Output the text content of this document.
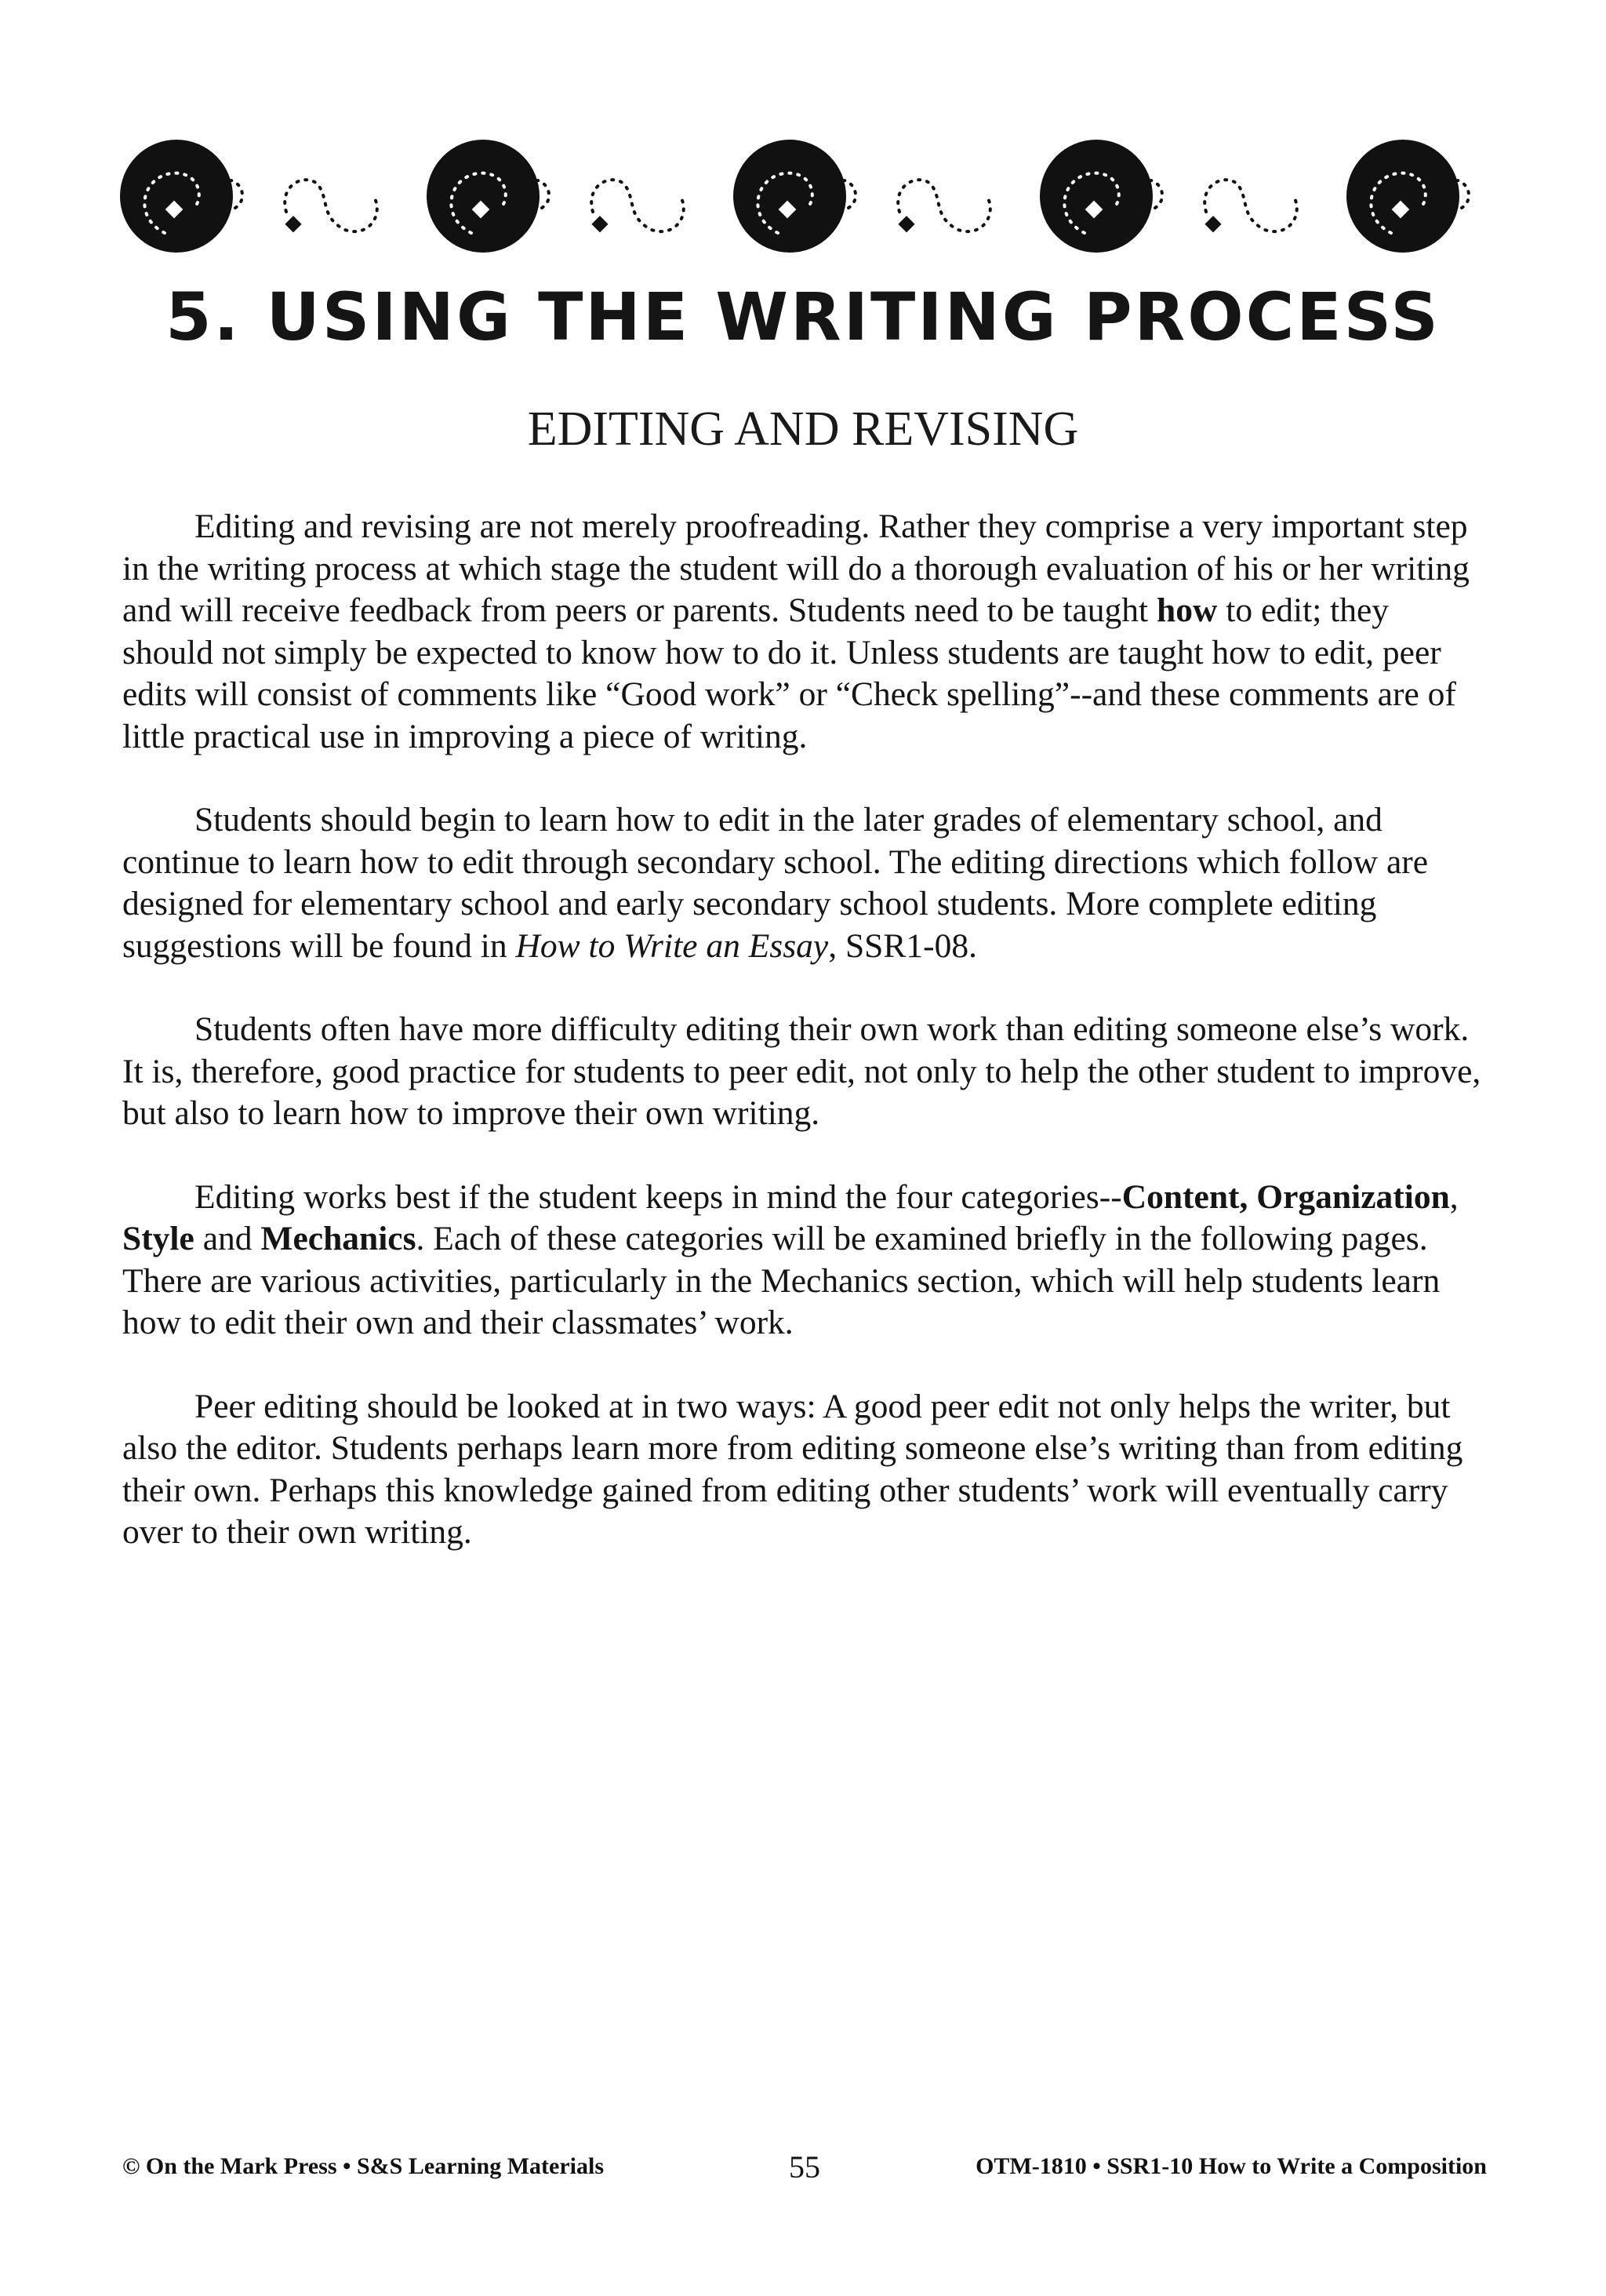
5. USING THE WRITING PROCESS
EDITING AND REVISING

Editing and revising are not merely proofreading. Rather they comprise a very important step in the writing process at which stage the student will do a thorough evaluation of his or her writing and will receive feedback from peers or parents. Students need to be taught how to edit; they should not simply be expected to know how to do it. Unless students are taught how to edit, peer edits will consist of comments like “Good work” or “Check spelling”--and these comments are of little practical use in improving a piece of writing.

Students should begin to learn how to edit in the later grades of elementary school, and continue to learn how to edit through secondary school. The editing directions which follow are designed for elementary school and early secondary school students. More complete editing suggestions will be found in How to Write an Essay, SSR1-08.

Students often have more difficulty editing their own work than editing someone else’s work. It is, therefore, good practice for students to peer edit, not only to help the other student to improve, but also to learn how to improve their own writing.

Editing works best if the student keeps in mind the four categories--Content, Organization, Style and Mechanics. Each of these categories will be examined briefly in the following pages. There are various activities, particularly in the Mechanics section, which will help students learn how to edit their own and their classmates’ work.

Peer editing should be looked at in two ways: A good peer edit not only helps the writer, but also the editor. Students perhaps learn more from editing someone else’s writing than from editing their own. Perhaps this knowledge gained from editing other students’ work will eventually carry over to their own writing.

© On the Mark Press • S&S Learning Materials	55	OTM-1810 • SSR1-10 How to Write a Composition
